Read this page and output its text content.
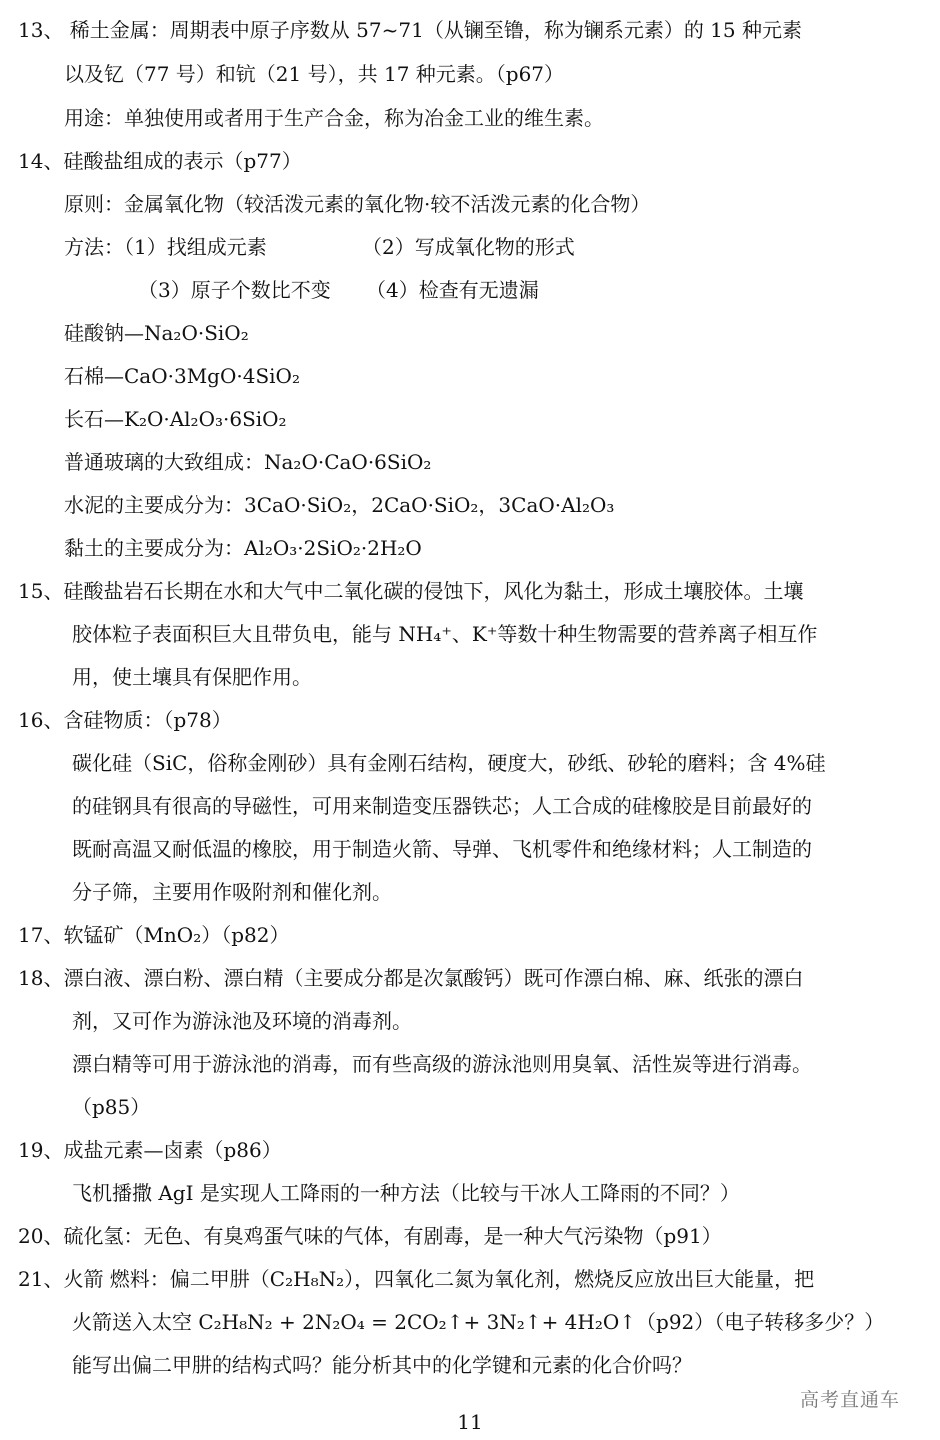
13、 稀土金属：周期表中原子序数从 57~71（从镧至镥，称为镧系元素）的 15 种元素
以及钇（77 号）和钪（21 号），共 17 种元素。（p67）
用途：单独使用或者用于生产合金，称为冶金工业的维生素。
14、硅酸盐组成的表示（p77）
原则：金属氧化物（较活泼元素的氧化物·较不活泼元素的化合物）
方法：（1）找组成元素	（2）写成氧化物的形式
（3）原子个数比不变 （4）检查有无遗漏
硅酸钠—Na₂O·SiO₂
石棉—CaO·3MgO·4SiO₂
长石—K₂O·Al₂O₃·6SiO₂
普通玻璃的大致组成：Na₂O·CaO·6SiO₂
水泥的主要成分为：3CaO·SiO₂，2CaO·SiO₂，3CaO·Al₂O₃
黏土的主要成分为：Al₂O₃·2SiO₂·2H₂O
15、硅酸盐岩石长期在水和大气中二氧化碳的侵蚀下，风化为黏土，形成土壤胶体。土壤
胶体粒子表面积巨大且带负电，能与 NH₄⁺、K⁺等数十种生物需要的营养离子相互作
用，使土壤具有保肥作用。
16、含硅物质：（p78）
碳化硅（SiC，俗称金刚砂）具有金刚石结构，硬度大，砂纸、砂轮的磨料；含 4%硅
的硅钢具有很高的导磁性，可用来制造变压器铁芯；人工合成的硅橡胶是目前最好的
既耐高温又耐低温的橡胶，用于制造火箭、导弹、飞机零件和绝缘材料；人工制造的
分子筛，主要用作吸附剂和催化剂。
17、软锰矿（MnO₂）（p82）
18、漂白液、漂白粉、漂白精（主要成分都是次氯酸钙）既可作漂白棉、麻、纸张的漂白
剂，又可作为游泳池及环境的消毒剂。
漂白精等可用于游泳池的消毒，而有些高级的游泳池则用臭氧、活性炭等进行消毒。
（p85）
19、成盐元素—卤素（p86）
飞机播撒 AgI 是实现人工降雨的一种方法（比较与干冰人工降雨的不同？）
20、硫化氢：无色、有臭鸡蛋气味的气体，有剧毒，是一种大气污染物（p91）
21、火箭 燃料：偏二甲肼（C₂H₈N₂），四氧化二氮为氧化剂，燃烧反应放出巨大能量，把
火箭送入太空 C₂H₈N₂ + 2N₂O₄ = 2CO₂↑+ 3N₂↑+ 4H₂O↑（p92）（电子转移多少？）
能写出偏二甲肼的结构式吗？能分析其中的化学键和元素的化合价吗？
高考直通车
11
